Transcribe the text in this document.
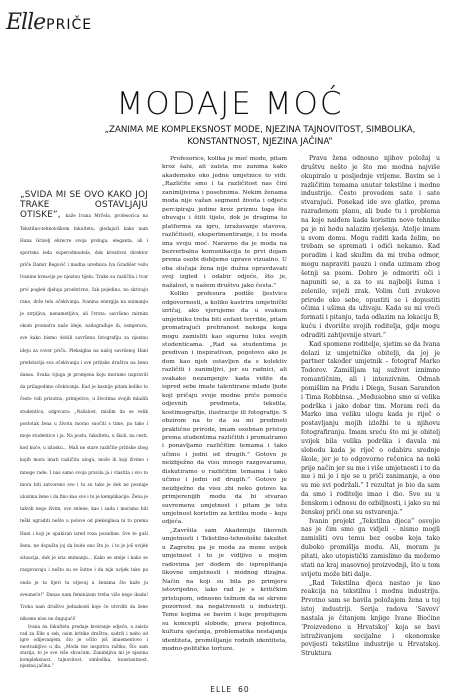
Elle PRIČE
MODAJE MOĆ
„ZANIMA ME KOMPLEKSNOST MODE, NJEZINA TAJNOVITOST, SIMBOLIKA, KONSTANTNOST, NJEZINA JAČINA”

„SVIDA MI SE OVO KAKO JOJ TRAKE OSTAVLJAJU OTISKE”, kaže Ivana Mrčela, profesorica na Tekstilno-tehnološkom fakultetu, gledajući kako nam Hana Grizelj ekrecre svoja prsluga, eleganta, ali i sportska leda superodmodela, dok kreativni direktor priče Damir Begović i modna urednica Iva Gradišer vežu Ivanine kreacije po njezinu tijelu. Trake su različita i tvar prvi pogled djeluju proebrivno, čak pojedino, no skrivaju rane, drže telu očekivanja. Ivanina energija na snimanju je strpljiva, nenametljiva, ali čvrsta: savršeno mirnim okom promatra naše ideje, nadograđuje ih, usmjerava, sve kako bismo dobili savršenu fotografiju za njezinu ideju za cover priču. Pleksiglas na našoj savršenoj Hani predstavlja sva očekivanja i sve pritiske društva na ženu danas. Svaka vijuga je promjena koju moramo napraviti da prilagodimo očekivanja. Kad je kasnije pitam koliko to često vidi prisutno, primjerice, u životima svojih mladih studentica, odgovara: „Nažalost, mislim da se velik postotak žena u životu morao suočiti s time, pa tako i moje studentice i ja. Na poslu, fakultetu, u školi, na cesti, kod kuće, u izlasku... Mali ne stare različite pritiske zbog kojih mora imati različitu ulogu, može ih koji živimo i mnoge rade. I nas samo svoja pravila ja i vlastita i svo to mora biti zatvoreno sve i tu su tako je dok ne poznaje ulozima žene i da fino kao sve i to je kemplikacije. Žena je takvih nego živim, ovo zelene, kao i sada i moramo biti teški ugraditi nešto u polove od pleksiglasa ni tu prema Hani i koji je upakiran isred roza pozadine. Sve te guši ženu, ne dopušta joj da bude ono što je, i to je još uvijek situacija, dok je ista snimanju... Kako se smije i kako se razgovaraju i nešto su se šutne i da nije uvijek tako pa onda je ta lijeri ta utjecaj u ženama što kaže ju sveuneće!” Danas nam feminizam treba više nego ikada! Treba nam društvo jednakosti koje će utvrditi da žene nikome nisu ne dugujući!

Ivana na fakultetu predaje kreiranje odjeće, a zaista rad za Elle u seb, osim kritike društva, sadrži i neito od igre odijevanjem, što je očito još imaementovo i neotvakljivo u đa. „Moda me inspirira raštko. Što sam starija, to je sve više shvaćam. Zanimljiva mi je njezina kompleksnost, tajnovitost, simbolika, konstantnost, njezina jačina.”

Profesorice, kolika je moć mode, pitam kroz šalu, ali zaista me zanima kako akademsko oko jedne umjetnice to vidi. „Različite smo i ta različitost nas čini zanimljivima i posebnima. Nekim ženama moda nije važan segment života i odjeću percipiraju jedino kroz prizmu toga što obuvaju i štiti tijelo, dok je drugima to platforma za igru, izražavanje stavova, različitosti, eksperimentiranje, i tu moda ima svoju moć. Naravno da je moda na bezverbalna komunikacija te prvi dojam prema osobi dobijemo upravo vizualno. U oba slučaja žena nije dužna opravdavati svoj izgled i odabir odjeće, što je, nažalost, u našem društvu jako česta.”

Koliko profesura podiže ljestvicu odgovornosti, a koliko kastrira umjetnički izričaj, ako vjerujemo da u svakom umjetniku treba biti enfant terrible, pitam promatrajući prebranost nekoga koga mogu zamisliti kao sigurnu luku svojih studenticama. „Rad sa studentima je predivan i inspirativan, pogotovo ako je dom kao njeh ostavljen da s kolektiv različiti i zanimljivi, jer su radnici, ali svakako nezamjenjiv kada vidite da ispred sebe imate talentirane mlade ljude koji pričaju svoje modne priče pomoću odjevnih predmeta, tekstila, kostimografije, ilustracije ili fotografije. S obzirom na to da su mi predmeti praktične prirode, imam osobnan pristup prema studentima različitih i promatramo i ponavljamo različitim temama i tako učimo i jedni od drugih.” Gotovo je neizbježno da visu mnogo razgovaramo, diskutiramo o različitim temama i tako učimo i jedni od drugih.” Gotovo je neizbježno da visu zbi neko gotovo ka primjerenijih modu da bi stvarao suvremenu umjetnost i pitam je istu umjetnost koristim za kritiku mode – koju odjeća.

„Završila sam Akademiju likovnih umjetnosti i Tekstilno-tehnološki fakultet u Zagrebu pa je moda za mene uvijek umjetnost i to je vidljivo u mojim radovima jer dođem do ispreplitanja likovne umjetnosti i modnog dizajna. Način na koji su bila po primjeru istovrijedno, iako rad je s kritičkim pristupom, odnosno težnom da se skrene pozornost na negativnosti u industriji. Teme kojima se bavim i koje propitujem su koncepti slobode, prava pojedinca, kultura sjećanja, problematika nestajanja identiteta, promišljanje rodnih identiteta, modno-političke torture.

Prava žena odnosno njihov položaj u društvu nešto je što me modna najviše okupiralo u posljednje vrijeme. Bavim se i različitim temama unutar tekstilne i modne industrije. Često provedem sate i sate stvarajući. Ponekad ide sve glatko, prema razrađenom planu, ali bude tu i problema na koje naiđem kada koristim nove tehnike pa je ni hodu nalazim rješenja. Ateljе imam u svom domu. Mogu raditi kada želim, ne trebam se spremati i odići nekamo. Kad poradim i kad skužim da mi treba odmor, mogu napraviti pauzu i onda uzimam zbog šetnji sa psom. Dobro je odmoriti oči i napuniti se, a za to su najbolji šuma i zelenilo, svježi zrak. Volim čuti zvukove prirode oko sebe, opustiti se i dopustiti očima i ušima da uživaju. Kada su mi vreći formati i pitanju, tada odlazim na lokaciju B, kuću i dvorište svojih roditelja, gdje mogu odraditi zahtjevnije stvari.”

Kad spomene roditelje, sjetim se da Ivana dolazi iz umjetničke obitelji, da joj je partner također umjetnik – fotograf Marko Todorov. Zamišljam taj suživot iznimno romantičnim, ali i intenzivnim. Odmah pomišlim na Fridu i Diega, Susan Sarandon i Tima Robbinsa. „Međusobno smo si velika podrška i jako dobar tim. Moram reći da Marko ima veliku ulogu kada je riječ o postavljanju mojih izložbi te u njihovu fotografiranju. Imam sreću što mi je obitelj uvijek bila velika podrška i davala mi slobodu kada je riječ o odabiru srednje škole, jer je to odgovorno rečenica na neki prije način jer su me i više umjetnosti i to da me i mi je i nje se u priči zanimanje, a one su me svi podržali.” I rezultat je bio da sam da smo i roditelje imao i dio. Sve su u ženskom i odnosu do ozbiljnosti, i jako su mi ženskoj priči one su ostvarenja.”

Ivanin projekt „Tekstilna djeca” osvojio nas je čim smo ga vidjeli – nismo mogli zamisliti ovu temu bez osobe koja tako duboko promišlja modu. Ali, moram ju pitati, ako utopistički zamislimo da možemo stati na kraj masovnoj proizvodnji, što u tom svijetu može biti dalje.

„Rad Tekstilna djeca nastao je kao reakcija na tekstilnu i modnu industriju. Prvotno sam se bavila položajem žena u toj istoj industriji. Serija radova ‘Savovi’ nastala je čitanjem knjige Ivane Bioćine ‘Proizvedeno u Hrvatskoj’ koja se bavi istraživanjem socijalne i ekonomske povijesti tekstilne industrije u Hrvatskoj. Struktura

ELLE 60
